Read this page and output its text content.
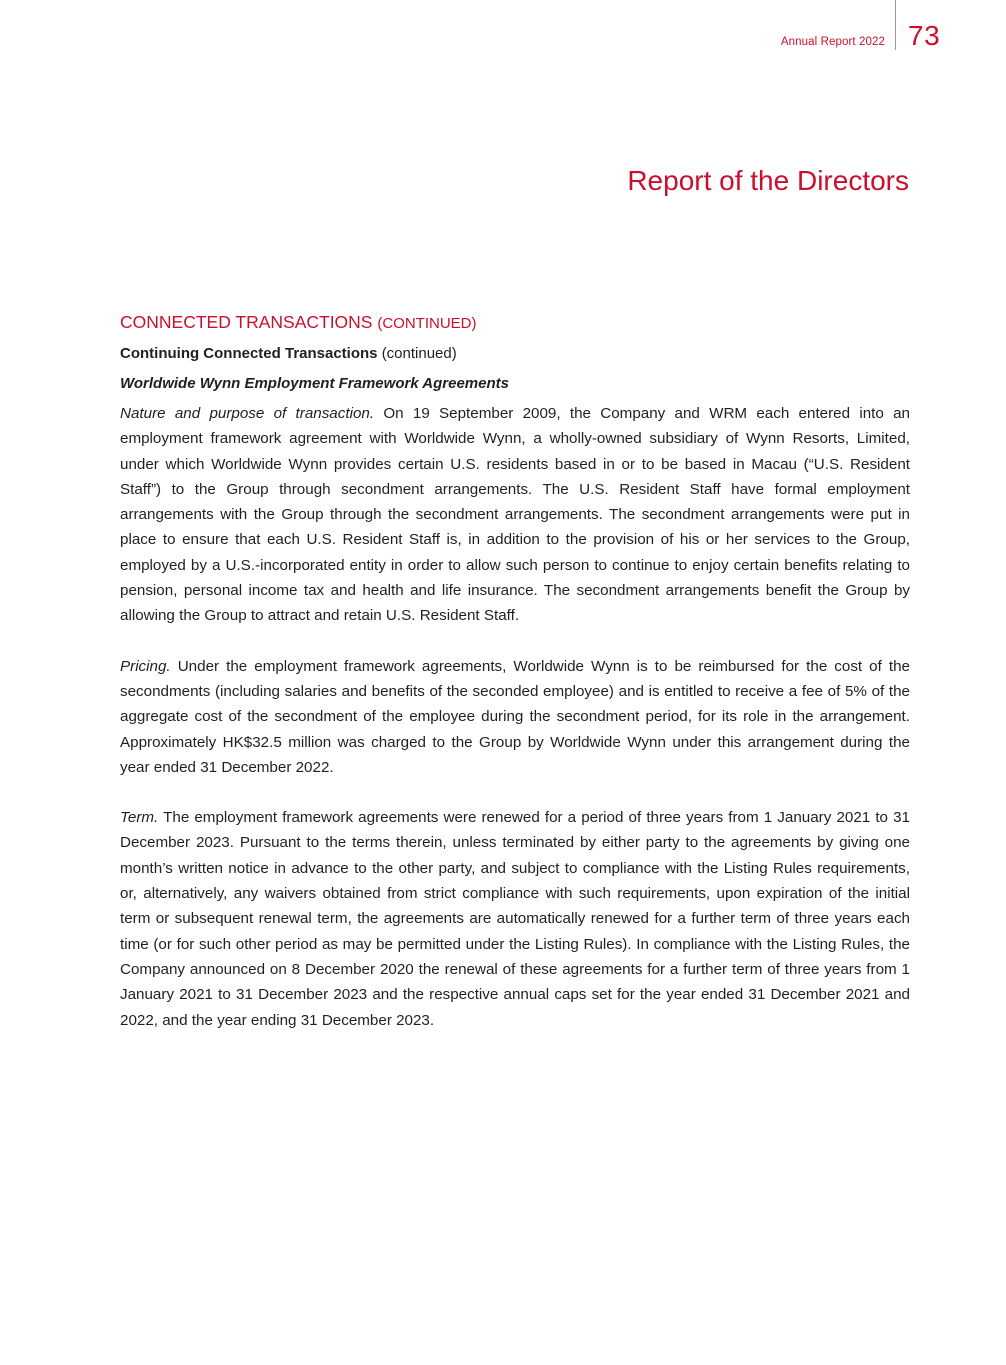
Annual Report 2022 73
Report of the Directors
CONNECTED TRANSACTIONS (CONTINUED)
Continuing Connected Transactions (continued)
Worldwide Wynn Employment Framework Agreements

Nature and purpose of transaction. On 19 September 2009, the Company and WRM each entered into an employment framework agreement with Worldwide Wynn, a wholly-owned subsidiary of Wynn Resorts, Limited, under which Worldwide Wynn provides certain U.S. residents based in or to be based in Macau (“U.S. Resident Staff”) to the Group through secondment arrangements. The U.S. Resident Staff have formal employment arrangements with the Group through the secondment arrangements. The secondment arrangements were put in place to ensure that each U.S. Resident Staff is, in addition to the provision of his or her services to the Group, employed by a U.S.-incorporated entity in order to allow such person to continue to enjoy certain benefits relating to pension, personal income tax and health and life insurance. The secondment arrangements benefit the Group by allowing the Group to attract and retain U.S. Resident Staff.

Pricing. Under the employment framework agreements, Worldwide Wynn is to be reimbursed for the cost of the secondments (including salaries and benefits of the seconded employee) and is entitled to receive a fee of 5% of the aggregate cost of the secondment of the employee during the secondment period, for its role in the arrangement. Approximately HK$32.5 million was charged to the Group by Worldwide Wynn under this arrangement during the year ended 31 December 2022.

Term. The employment framework agreements were renewed for a period of three years from 1 January 2021 to 31 December 2023. Pursuant to the terms therein, unless terminated by either party to the agreements by giving one month’s written notice in advance to the other party, and subject to compliance with the Listing Rules requirements, or, alternatively, any waivers obtained from strict compliance with such requirements, upon expiration of the initial term or subsequent renewal term, the agreements are automatically renewed for a further term of three years each time (or for such other period as may be permitted under the Listing Rules). In compliance with the Listing Rules, the Company announced on 8 December 2020 the renewal of these agreements for a further term of three years from 1 January 2021 to 31 December 2023 and the respective annual caps set for the year ended 31 December 2021 and 2022, and the year ending 31 December 2023.
